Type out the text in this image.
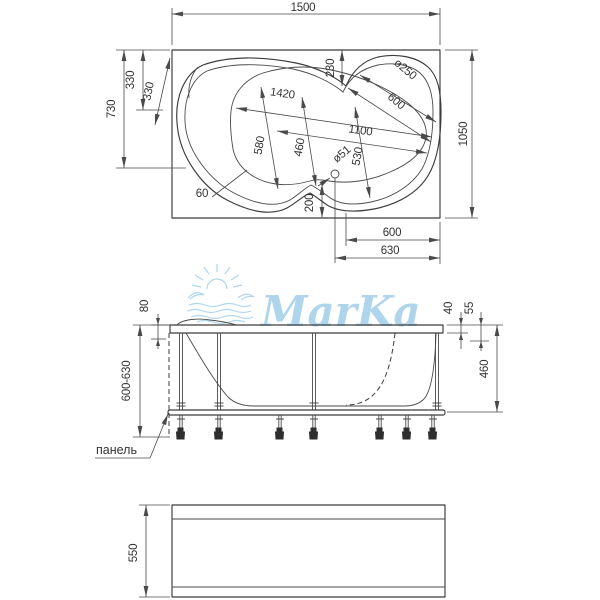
MarKa
1500
1050
730
330
330
230	ø250
600
1420
1100
580 460	530
ø51
60	200
600
630
80	40 55
600-630	460
панель
550
